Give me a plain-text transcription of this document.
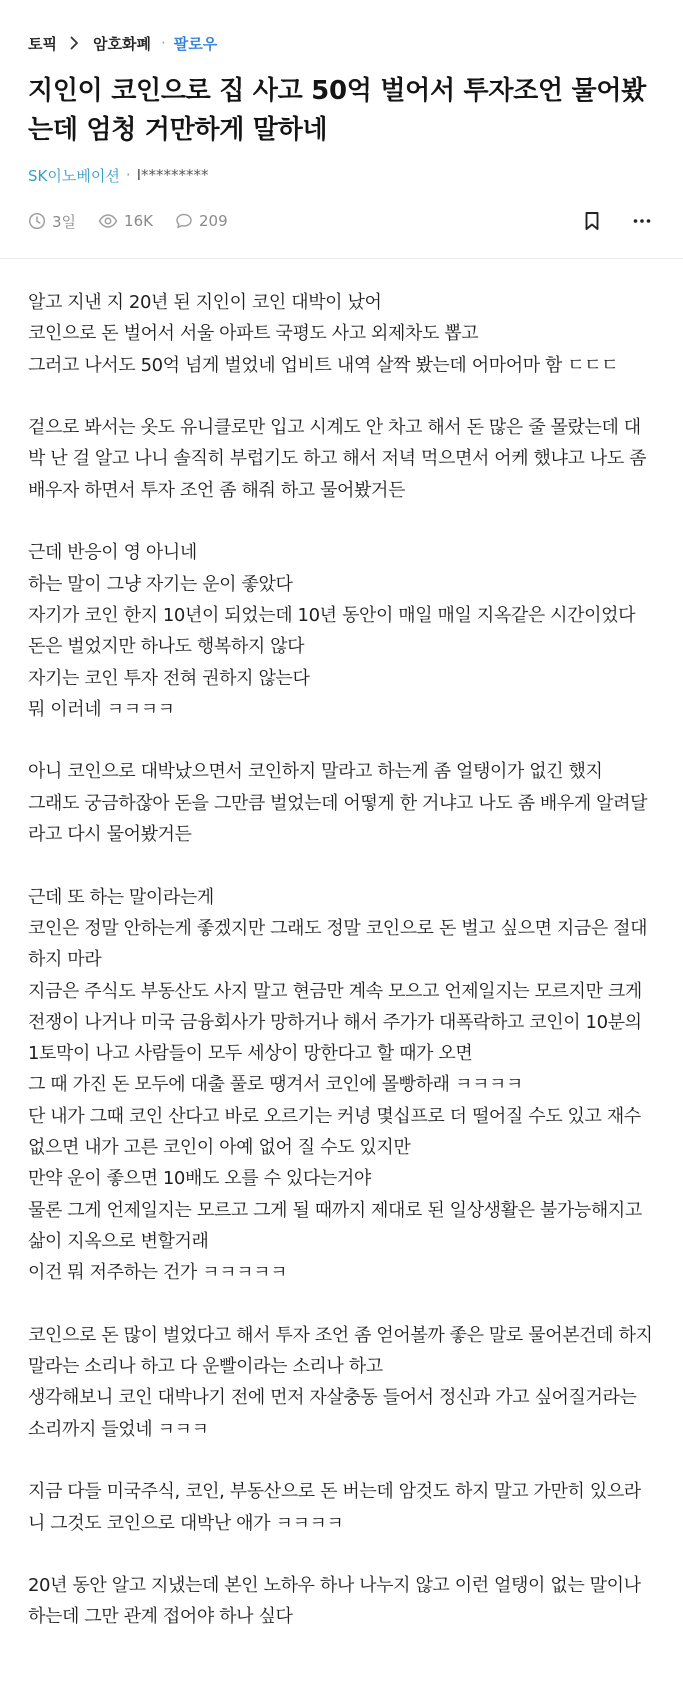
토픽 암호화폐 · 팔로우
지인이 코인으로 집 사고 50억 벌어서 투자조언 물어봤는데 엄청 거만하게 말하네
SK이노베이션 · I*********
3일	16K	209

알고 지낸 지 20년 된 지인이 코인 대박이 났어

코인으로 돈 벌어서 서울 아파트 국평도 사고 외제차도 뽑고

그러고 나서도 50억 넘게 벌었네 업비트 내역 살짝 봤는데 어마어마 함 ㄷㄷㄷ

겉으로 봐서는 옷도 유니클로만 입고 시계도 안 차고 해서 돈 많은 줄 몰랐는데 대박 난 걸 알고 나니 솔직히 부럽기도 하고 해서 저녁 먹으면서 어케 했냐고 나도 좀 배우자 하면서 투자 조언 좀 해줘 하고 물어봤거든

근데 반응이 영 아니네

하는 말이 그냥 자기는 운이 좋았다

자기가 코인 한지 10년이 되었는데 10년 동안이 매일 매일 지옥같은 시간이었다

돈은 벌었지만 하나도 행복하지 않다

자기는 코인 투자 전혀 권하지 않는다

뭐 이러네 ㅋㅋㅋㅋ

아니 코인으로 대박났으면서 코인하지 말라고 하는게 좀 얼탱이가 없긴 했지

그래도 궁금하잖아 돈을 그만큼 벌었는데 어떻게 한 거냐고 나도 좀 배우게 알려달라고 다시 물어봤거든

근데 또 하는 말이라는게

코인은 정말 안하는게 좋겠지만 그래도 정말 코인으로 돈 벌고 싶으면 지금은 절대 하지 마라

지금은 주식도 부동산도 사지 말고 현금만 계속 모으고 언제일지는 모르지만 크게 전쟁이 나거나 미국 금융회사가 망하거나 해서 주가가 대폭락하고 코인이 10분의 1토막이 나고 사람들이 모두 세상이 망한다고 할 때가 오면

그 때 가진 돈 모두에 대출 풀로 땡겨서 코인에 몰빵하래 ㅋㅋㅋㅋ

단 내가 그때 코인 산다고 바로 오르기는 커녕 몇십프로 더 떨어질 수도 있고 재수 없으면 내가 고른 코인이 아예 없어 질 수도 있지만

만약 운이 좋으면 10배도 오를 수 있다는거야

물론 그게 언제일지는 모르고 그게 될 때까지 제대로 된 일상생활은 불가능해지고 삶이 지옥으로 변할거래

이건 뭐 저주하는 건가 ㅋㅋㅋㅋㅋ

코인으로 돈 많이 벌었다고 해서 투자 조언 좀 얻어볼까 좋은 말로 물어본건데 하지 말라는 소리나 하고 다 운빨이라는 소리나 하고

생각해보니 코인 대박나기 전에 먼저 자살충동 들어서 정신과 가고 싶어질거라는 소리까지 들었네 ㅋㅋㅋ

지금 다들 미국주식, 코인, 부동산으로 돈 버는데 암것도 하지 말고 가만히 있으라니 그것도 코인으로 대박난 애가 ㅋㅋㅋㅋ

20년 동안 알고 지냈는데 본인 노하우 하나 나누지 않고 이런 얼탱이 없는 말이나 하는데 그만 관계 접어야 하나 싶다
